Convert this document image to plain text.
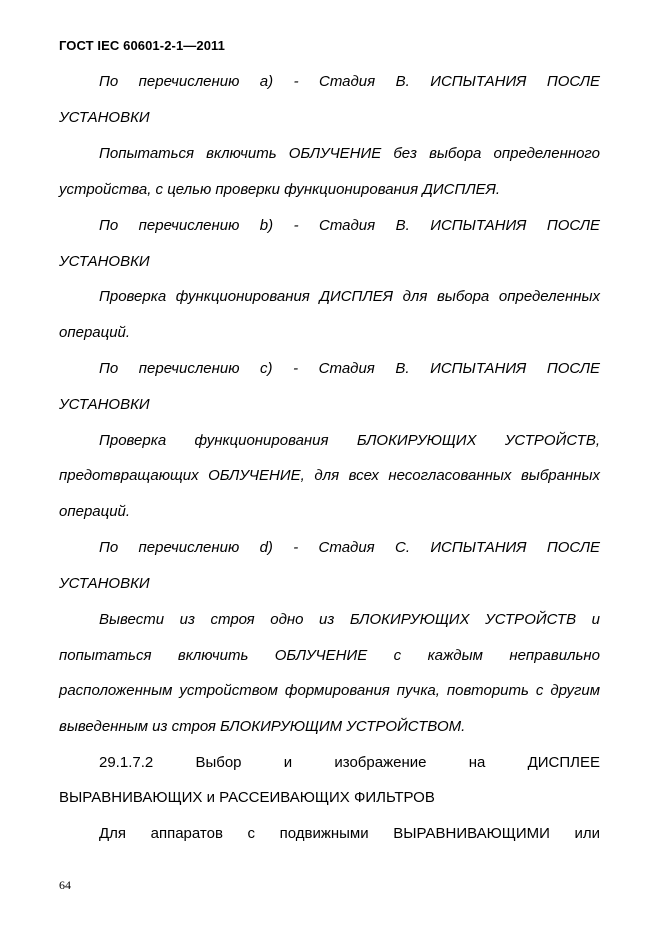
ГОСТ IEC 60601-2-1—2011
По перечислению a) - Стадия В. ИСПЫТАНИЯ ПОСЛЕ
УСТАНОВКИ
Попытаться включить ОБЛУЧЕНИЕ без выбора определенного
устройства, с целью проверки функционирования ДИСПЛЕЯ.
По перечислению b) - Стадия В. ИСПЫТАНИЯ ПОСЛЕ
УСТАНОВКИ
Проверка функционирования ДИСПЛЕЯ для выбора определенных
операций.
По перечислению c) - Стадия В. ИСПЫТАНИЯ ПОСЛЕ
УСТАНОВКИ
Проверка функционирования БЛОКИРУЮЩИХ УСТРОЙСТВ,
предотвращающих ОБЛУЧЕНИЕ, для всех несогласованных выбранных
операций.
По перечислению d) - Стадия С. ИСПЫТАНИЯ ПОСЛЕ
УСТАНОВКИ
Вывести из строя одно из БЛОКИРУЮЩИХ УСТРОЙСТВ и
попытаться включить ОБЛУЧЕНИЕ с каждым неправильно
расположенным устройством формирования пучка, повторить с другим
выведенным из строя БЛОКИРУЮЩИМ УСТРОЙСТВОМ.
29.1.7.2 Выбор и изображение на ДИСПЛЕЕ
ВЫРАВНИВАЮЩИХ и РАССЕИВАЮЩИХ ФИЛЬТРОВ
Для аппаратов с подвижными ВЫРАВНИВАЮЩИМИ или
64
